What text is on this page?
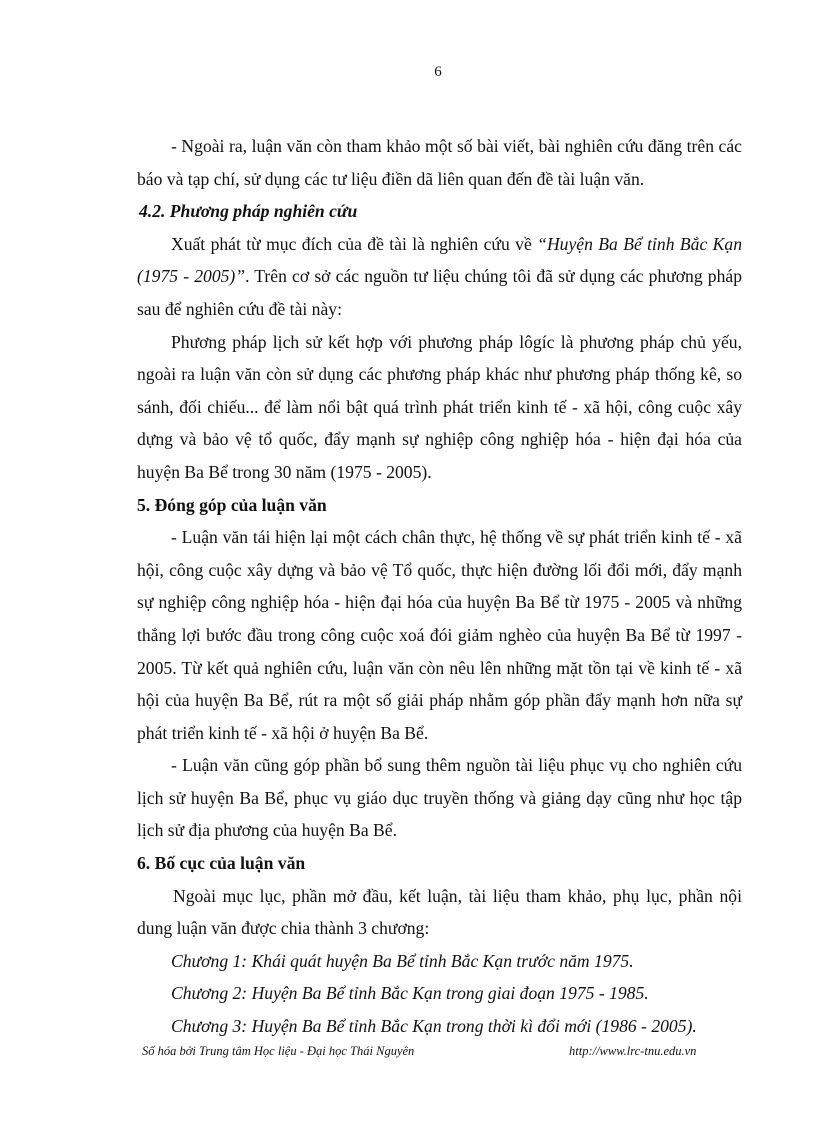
6

- Ngoài ra, luận văn còn tham khảo một số bài viết, bài nghiên cứu đăng trên các báo và tạp chí, sử dụng các tư liệu điền dã liên quan đến đề tài luận văn.

4.2. Phương pháp nghiên cứu

Xuất phát từ mục đích của đề tài là nghiên cứu về “Huyện Ba Bể tỉnh Bắc Kạn (1975 - 2005)”. Trên cơ sở các nguồn tư liệu chúng tôi đã sử dụng các phương pháp sau để nghiên cứu đề tài này:

Phương pháp lịch sử kết hợp với phương pháp lôgíc là phương pháp chủ yếu, ngoài ra luận văn còn sử dụng các phương pháp khác như phương pháp thống kê, so sánh, đối chiếu... để làm nổi bật quá trình phát triển kinh tế - xã hội, công cuộc xây dựng và bảo vệ tổ quốc, đẩy mạnh sự nghiệp công nghiệp hóa - hiện đại hóa của huyện Ba Bể trong 30 năm (1975 - 2005).

5. Đóng góp của luận văn

- Luận văn tái hiện lại một cách chân thực, hệ thống về sự phát triển kinh tế - xã hội, công cuộc xây dựng và bảo vệ Tổ quốc, thực hiện đường lối đổi mới, đẩy mạnh sự nghiệp công nghiệp hóa - hiện đại hóa của huyện Ba Bể từ 1975 - 2005 và những thắng lợi bước đầu trong công cuộc xoá đói giảm nghèo của huyện Ba Bể từ 1997 - 2005. Từ kết quả nghiên cứu, luận văn còn nêu lên những mặt tồn tại về kinh tế - xã hội của huyện Ba Bể, rút ra một số giải pháp nhằm góp phần đẩy mạnh hơn nữa sự phát triển kinh tế - xã hội ở huyện Ba Bể.

- Luận văn cũng góp phần bổ sung thêm nguồn tài liệu phục vụ cho nghiên cứu lịch sử huyện Ba Bể, phục vụ giáo dục truyền thống và giảng dạy cũng như học tập lịch sử địa phương của huyện Ba Bể.

6. Bố cục của luận văn

Ngoài mục lục, phần mở đầu, kết luận, tài liệu tham khảo, phụ lục, phần nội dung luận văn được chia thành 3 chương:

Chương 1: Khái quát huyện Ba Bể tỉnh Bắc Kạn trước năm 1975.

Chương 2: Huyện Ba Bể tỉnh Bắc Kạn trong giai đoạn 1975 - 1985.

Chương 3: Huyện Ba Bể tỉnh Bắc Kạn trong thời kì đổi mới (1986 - 2005).

Số hóa bởi Trung tâm Học liệu - Đại học Thái Nguyên	http://www.lrc-tnu.edu.vn
